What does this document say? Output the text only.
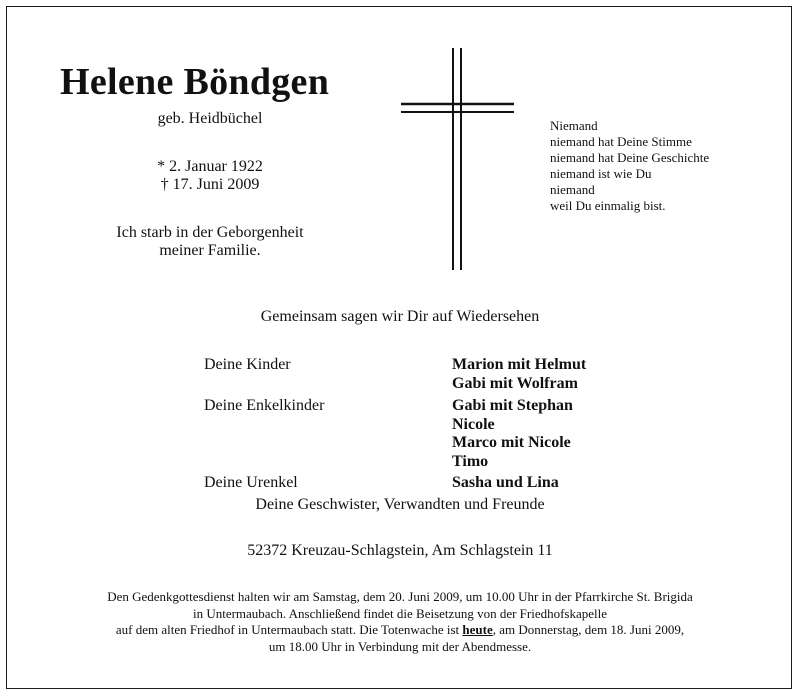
Helene Böndgen
geb. Heidbüchel
* 2. Januar 1922
† 17. Juni 2009
Ich starb in der Geborgenheit
meiner Familie.
Niemand
niemand hat Deine Stimme
niemand hat Deine Geschichte
niemand ist wie Du
niemand
weil Du einmalig bist.
Gemeinsam sagen wir Dir auf Wiedersehen
Deine Kinder	Marion mit Helmut
Gabi mit Wolfram
Deine Enkelkinder	Gabi mit Stephan
Nicole
Marco mit Nicole
Timo
Deine Urenkel	Sasha und Lina
Deine Geschwister, Verwandten und Freunde
52372 Kreuzau-Schlagstein, Am Schlagstein 11
Den Gedenkgottesdienst halten wir am Samstag, dem 20. Juni 2009, um 10.00 Uhr in der Pfarrkirche St. Brigida
in Untermaubach. Anschließend findet die Beisetzung von der Friedhofskapelle
auf dem alten Friedhof in Untermaubach statt. Die Totenwache ist heute, am Donnerstag, dem 18. Juni 2009,
um 18.00 Uhr in Verbindung mit der Abendmesse.
